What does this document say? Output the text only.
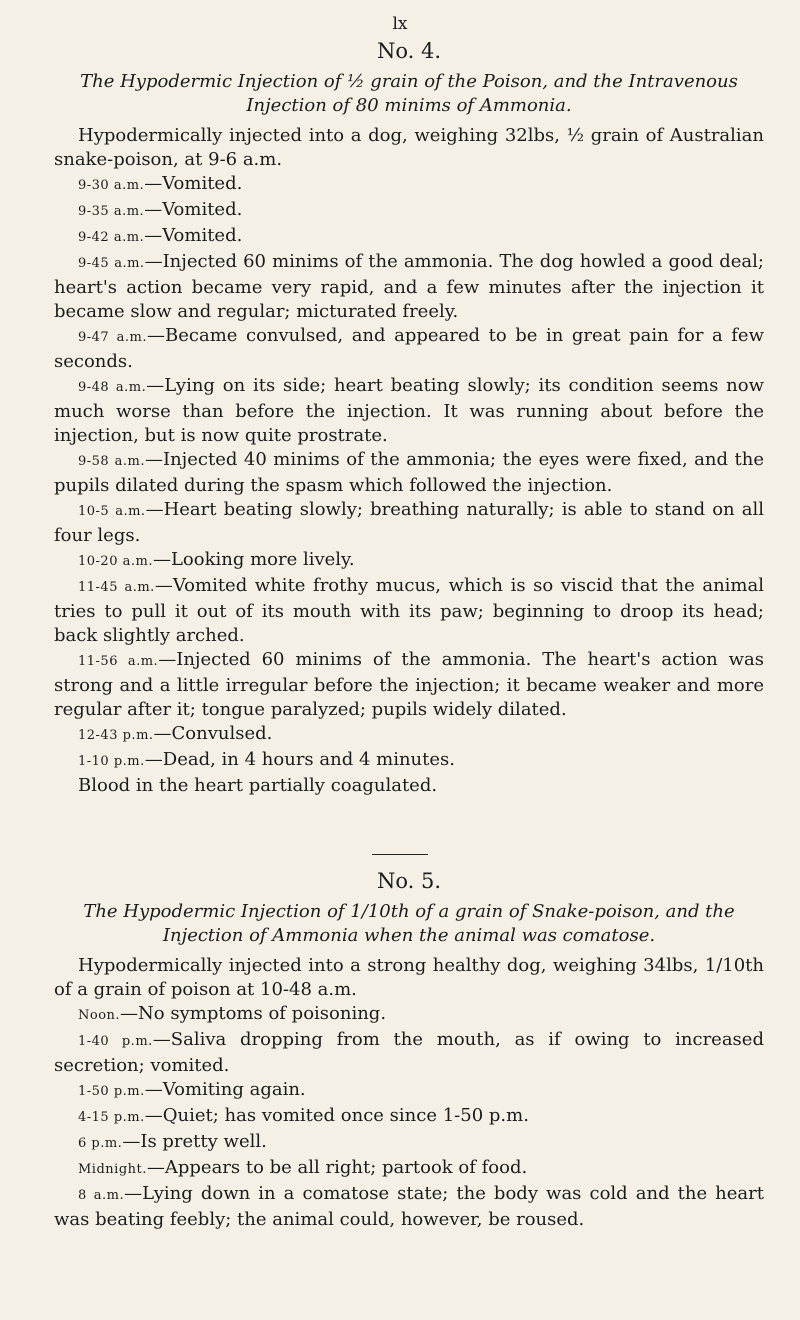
lx

No. 4.

The Hypodermic Injection of ½ grain of the Poison, and the Intravenous
Injection of 80 minims of Ammonia.

Hypodermically injected into a dog, weighing 32lbs, ½ grain of Australian snake-poison, at 9-6 a.m.

9-30 a.m.—Vomited.

9-35 a.m.—Vomited.

9-42 a.m.—Vomited.

9-45 a.m.—Injected 60 minims of the ammonia. The dog howled a good deal; heart's action became very rapid, and a few minutes after the injection it became slow and regular; micturated freely.

9-47 a.m.—Became convulsed, and appeared to be in great pain for a few seconds.

9-48 a.m.—Lying on its side; heart beating slowly; its condition seems now much worse than before the injection. It was running about before the injection, but is now quite prostrate.

9-58 a.m.—Injected 40 minims of the ammonia; the eyes were fixed, and the pupils dilated during the spasm which followed the injection.

10-5 a.m.—Heart beating slowly; breathing naturally; is able to stand on all four legs.

10-20 a.m.—Looking more lively.

11-45 a.m.—Vomited white frothy mucus, which is so viscid that the animal tries to pull it out of its mouth with its paw; beginning to droop its head; back slightly arched.

11-56 a.m.—Injected 60 minims of the ammonia. The heart's action was strong and a little irregular before the injection; it became weaker and more regular after it; tongue paralyzed; pupils widely dilated.

12-43 p.m.—Convulsed.

1-10 p.m.—Dead, in 4 hours and 4 minutes.

Blood in the heart partially coagulated.

No. 5.

The Hypodermic Injection of 1/10th of a grain of Snake-poison, and the
Injection of Ammonia when the animal was comatose.

Hypodermically injected into a strong healthy dog, weighing 34lbs, 1/10th of a grain of poison at 10-48 a.m.

Noon.—No symptoms of poisoning.

1-40 p.m.—Saliva dropping from the mouth, as if owing to increased secretion; vomited.

1-50 p.m.—Vomiting again.

4-15 p.m.—Quiet; has vomited once since 1-50 p.m.

6 p.m.—Is pretty well.

Midnight.—Appears to be all right; partook of food.

8 a.m.—Lying down in a comatose state; the body was cold and the heart was beating feebly; the animal could, however, be roused.
